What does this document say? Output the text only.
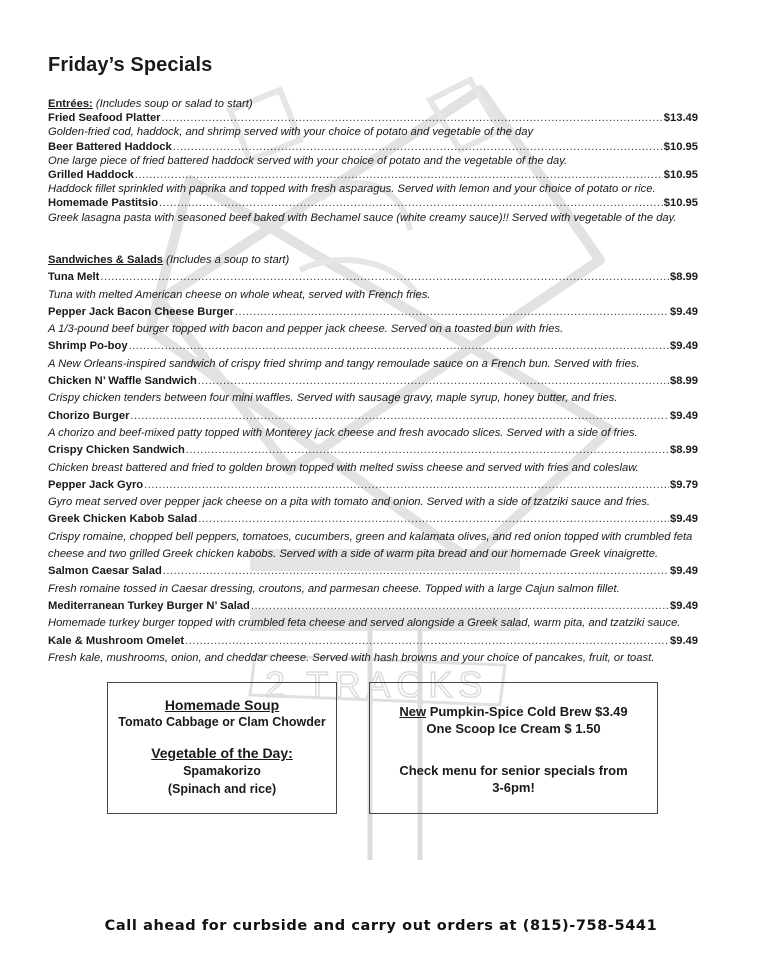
2 TRACKS
Friday’s Specials
Entrées: (Includes soup or salad to start)
Fried Seafood Platter .....	$13.49
Golden-fried cod, haddock, and shrimp served with your choice of potato and vegetable of the day
Beer Battered Haddock .....	$10.95
One large piece of fried battered haddock served with your choice of potato and the vegetable of the day.
Grilled Haddock .....	$10.95
Haddock fillet sprinkled with paprika and topped with fresh asparagus. Served with lemon and your choice of potato or rice.
Homemade Pastitsio .....	$10.95
Greek lasagna pasta with seasoned beef baked with Bechamel sauce (white creamy sauce)!! Served with vegetable of the day.
Sandwiches & Salads (Includes a soup to start)
Tuna Melt .....	$8.99
Tuna with melted American cheese on whole wheat, served with French fries.
Pepper Jack Bacon Cheese Burger .....	$9.49
A 1/3-pound beef burger topped with bacon and pepper jack cheese. Served on a toasted bun with fries.
Shrimp Po-boy .....	$9.49
A New Orleans-inspired sandwich of crispy fried shrimp and tangy remoulade sauce on a French bun. Served with fries.
Chicken N’ Waffle Sandwich .....	$8.99
Crispy chicken tenders between four mini waffles. Served with sausage gravy, maple syrup, honey butter, and fries.
Chorizo Burger .....	$9.49
A chorizo and beef-mixed patty topped with Monterey jack cheese and fresh avocado slices. Served with a side of fries.
Crispy Chicken Sandwich .....	$8.99
Chicken breast battered and fried to golden brown topped with melted swiss cheese and served with fries and coleslaw.
Pepper Jack Gyro .....	$9.79
Gyro meat served over pepper jack cheese on a pita with tomato and onion. Served with a side of tzatziki sauce and fries.
Greek Chicken Kabob Salad .....	$9.49
Crispy romaine, chopped bell peppers, tomatoes, cucumbers, green and kalamata olives, and red onion topped with crumbled feta cheese and two grilled Greek chicken kabobs. Served with a side of warm pita bread and our homemade Greek vinaigrette.
Salmon Caesar Salad .....	$9.49
Fresh romaine tossed in Caesar dressing, croutons, and parmesan cheese. Topped with a large Cajun salmon fillet.
Mediterranean Turkey Burger N’ Salad .....	$9.49
Homemade turkey burger topped with crumbled feta cheese and served alongside a Greek salad, warm pita, and tzatziki sauce.
Kale & Mushroom Omelet .....	$9.49
Fresh kale, mushrooms, onion, and cheddar cheese. Served with hash browns and your choice of pancakes, fruit, or toast.
Homemade Soup
Tomato Cabbage or Clam Chowder
Vegetable of the Day:
Spamakorizo
(Spinach and rice)
New Pumpkin-Spice Cold Brew $3.49
One Scoop Ice Cream $ 1.50
Check menu for senior specials from
3-6pm!
Call ahead for curbside and carry out orders at (815)-758-5441
